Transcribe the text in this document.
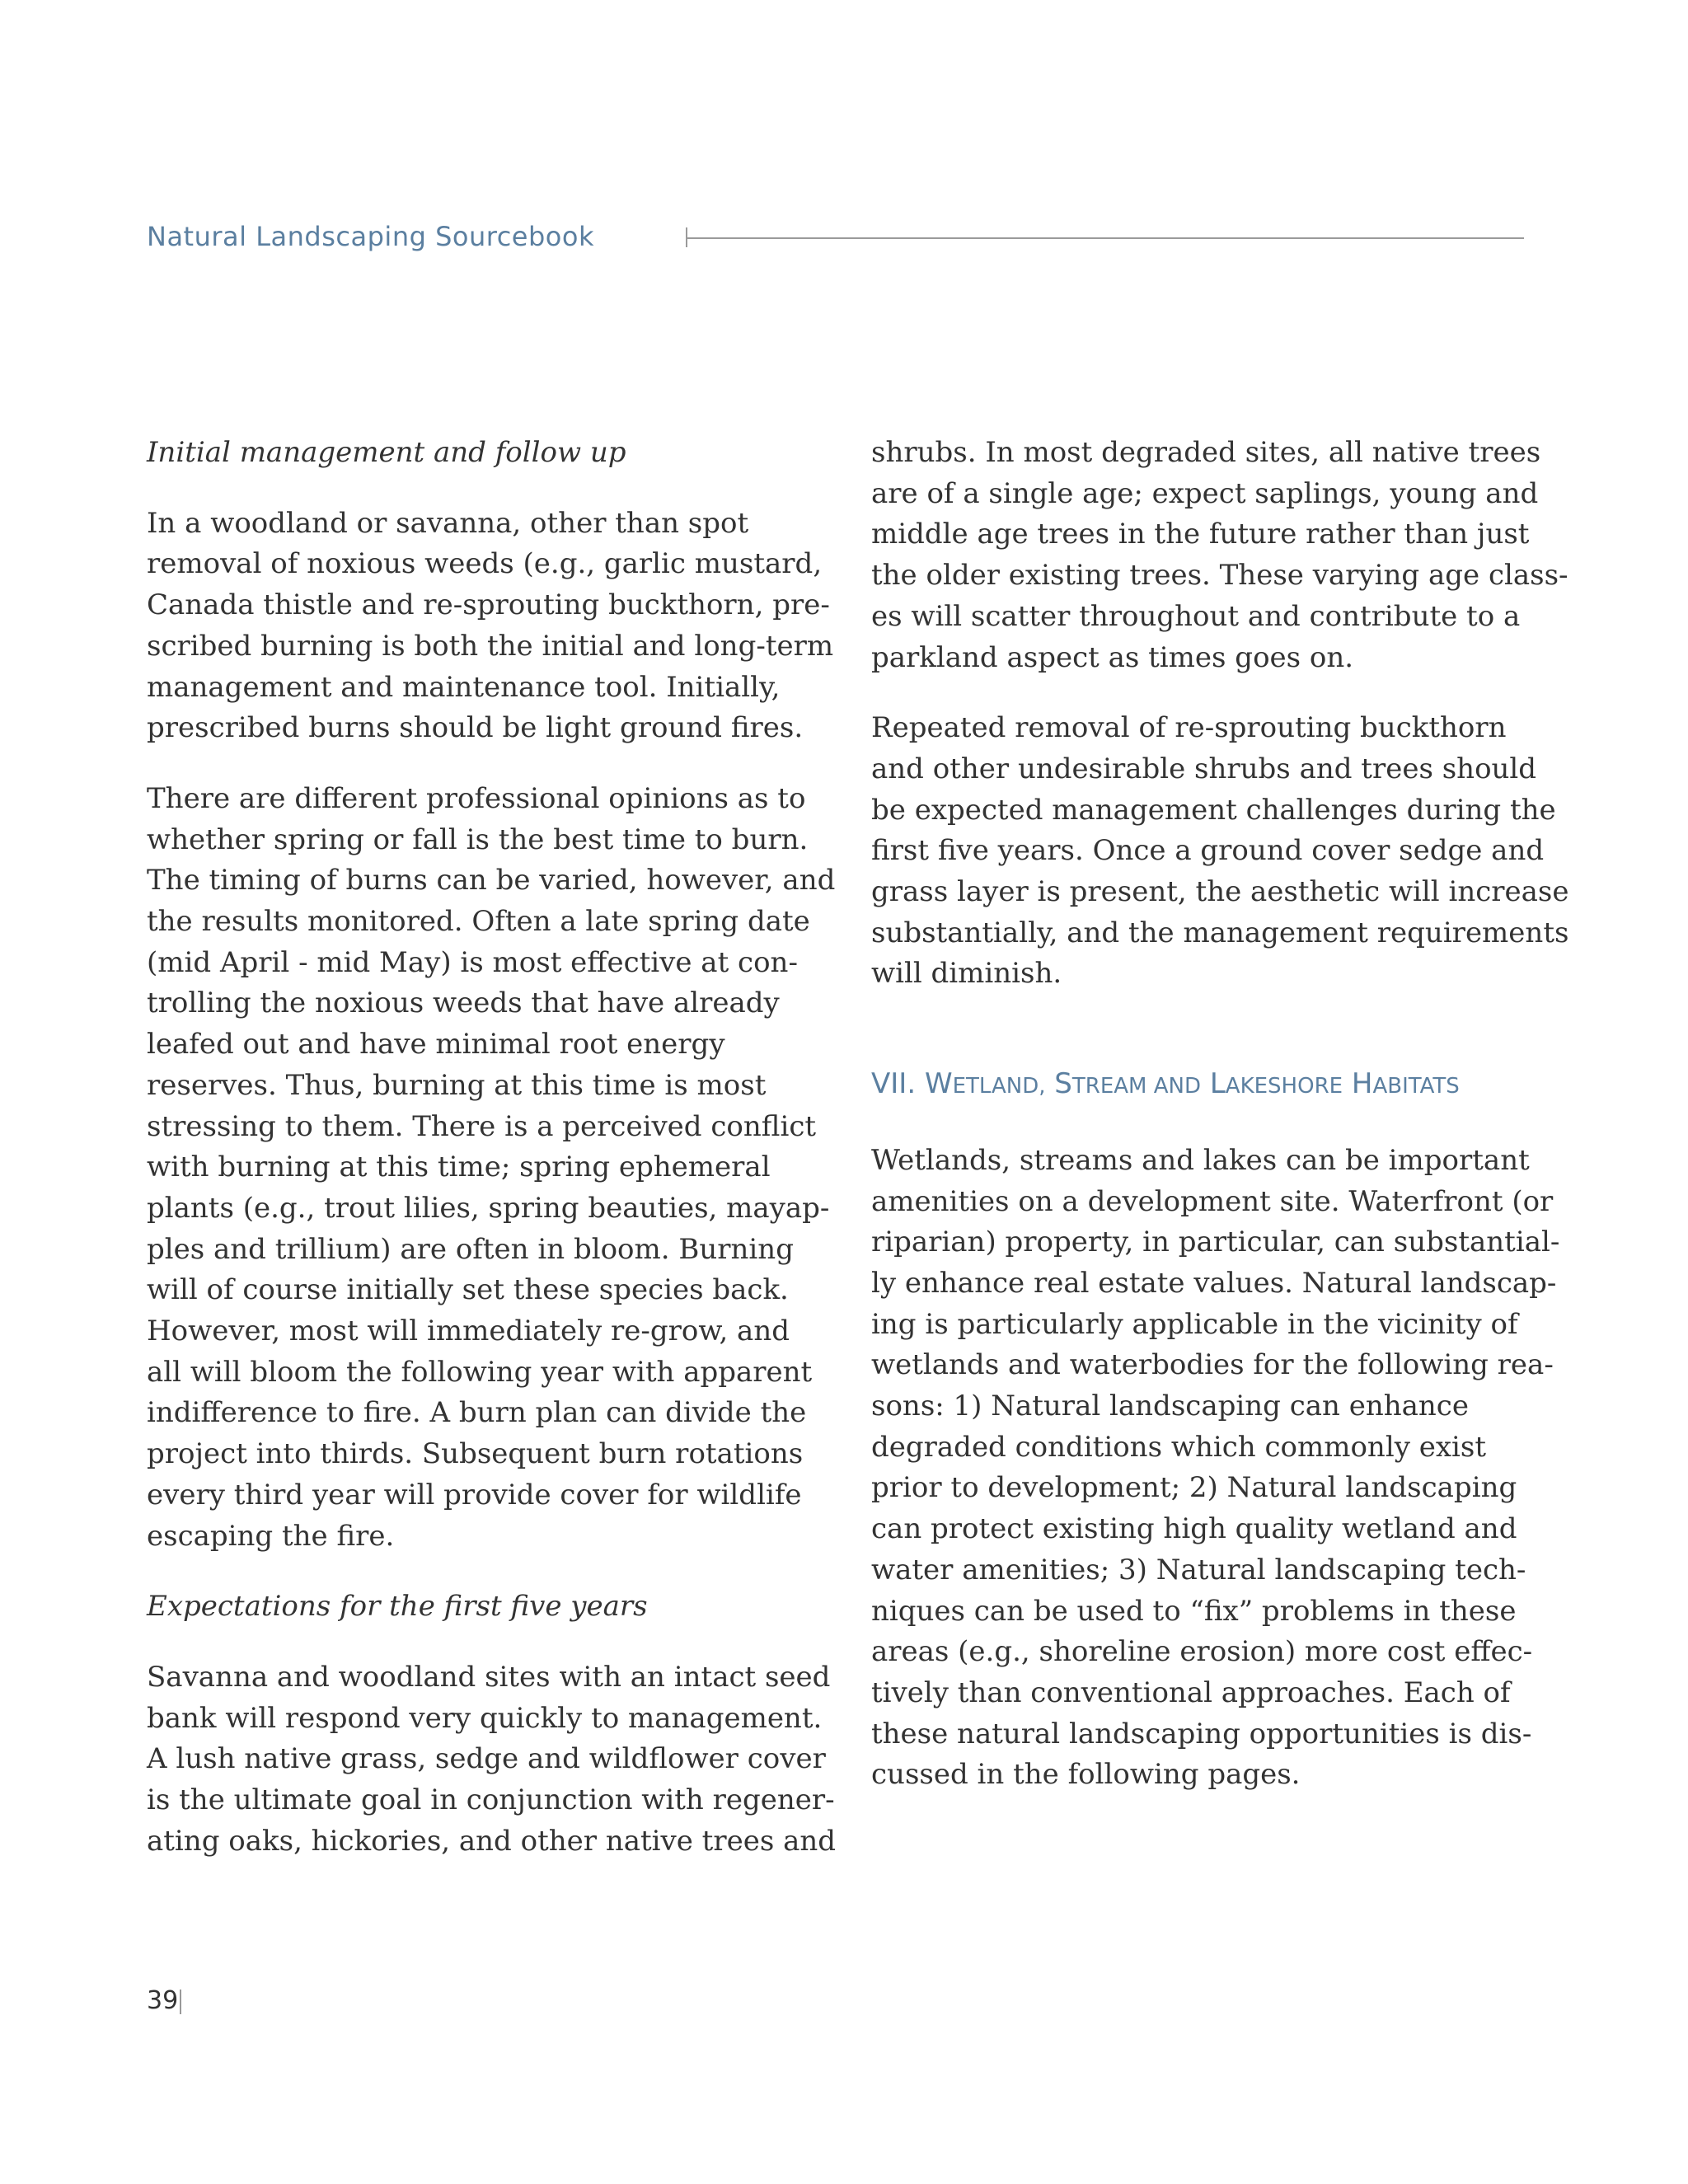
Natural Landscaping Sourcebook

Initial management and follow up

In a woodland or savanna, other than spot
removal of noxious weeds (e.g., garlic mustard,
Canada thistle and re-sprouting buckthorn, pre-
scribed burning is both the initial and long-term
management and maintenance tool. Initially,
prescribed burns should be light ground fires.

There are different professional opinions as to
whether spring or fall is the best time to burn.
The timing of burns can be varied, however, and
the results monitored. Often a late spring date
(mid April - mid May) is most effective at con-
trolling the noxious weeds that have already
leafed out and have minimal root energy
reserves. Thus, burning at this time is most
stressing to them. There is a perceived conflict
with burning at this time; spring ephemeral
plants (e.g., trout lilies, spring beauties, mayap-
ples and trillium) are often in bloom. Burning
will of course initially set these species back.
However, most will immediately re-grow, and
all will bloom the following year with apparent
indifference to fire. A burn plan can divide the
project into thirds. Subsequent burn rotations
every third year will provide cover for wildlife
escaping the fire.

Expectations for the first five years

Savanna and woodland sites with an intact seed
bank will respond very quickly to management.
A lush native grass, sedge and wildflower cover
is the ultimate goal in conjunction with regener-
ating oaks, hickories, and other native trees and

shrubs. In most degraded sites, all native trees
are of a single age; expect saplings, young and
middle age trees in the future rather than just
the older existing trees. These varying age class-
es will scatter throughout and contribute to a
parkland aspect as times goes on.

Repeated removal of re-sprouting buckthorn
and other undesirable shrubs and trees should
be expected management challenges during the
first five years. Once a ground cover sedge and
grass layer is present, the aesthetic will increase
substantially, and the management requirements
will diminish.

VII. WETLAND, STREAM AND LAKESHORE HABITATS

Wetlands, streams and lakes can be important
amenities on a development site. Waterfront (or
riparian) property, in particular, can substantial-
ly enhance real estate values. Natural landscap-
ing is particularly applicable in the vicinity of
wetlands and waterbodies for the following rea-
sons: 1) Natural landscaping can enhance
degraded conditions which commonly exist
prior to development; 2) Natural landscaping
can protect existing high quality wetland and
water amenities; 3) Natural landscaping tech-
niques can be used to “fix” problems in these
areas (e.g., shoreline erosion) more cost effec-
tively than conventional approaches. Each of
these natural landscaping opportunities is dis-
cussed in the following pages.

39
